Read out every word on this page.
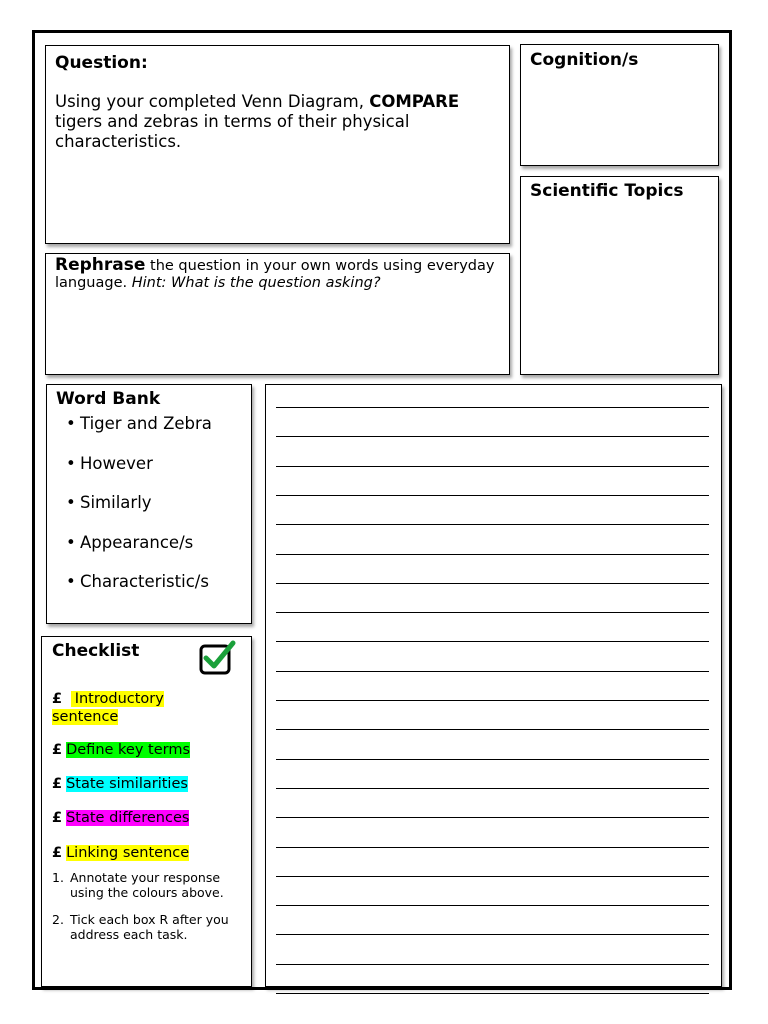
Question:
Using your completed Venn Diagram, COMPARE tigers and zebras in terms of their physical characteristics.
Cognition/s
Scientific Topics
Rephrase the question in your own words using everyday language. Hint: What is the question asking?
Word Bank
• Tiger and Zebra
• However
• Similarly
• Appearance/s
• Characteristic/s
Checklist
£ Introductory sentence
£ Define key terms
£ State similarities
£ State differences
£ Linking sentence
1. Annotate your response using the colours above.
2. Tick each box R after you address each task.
